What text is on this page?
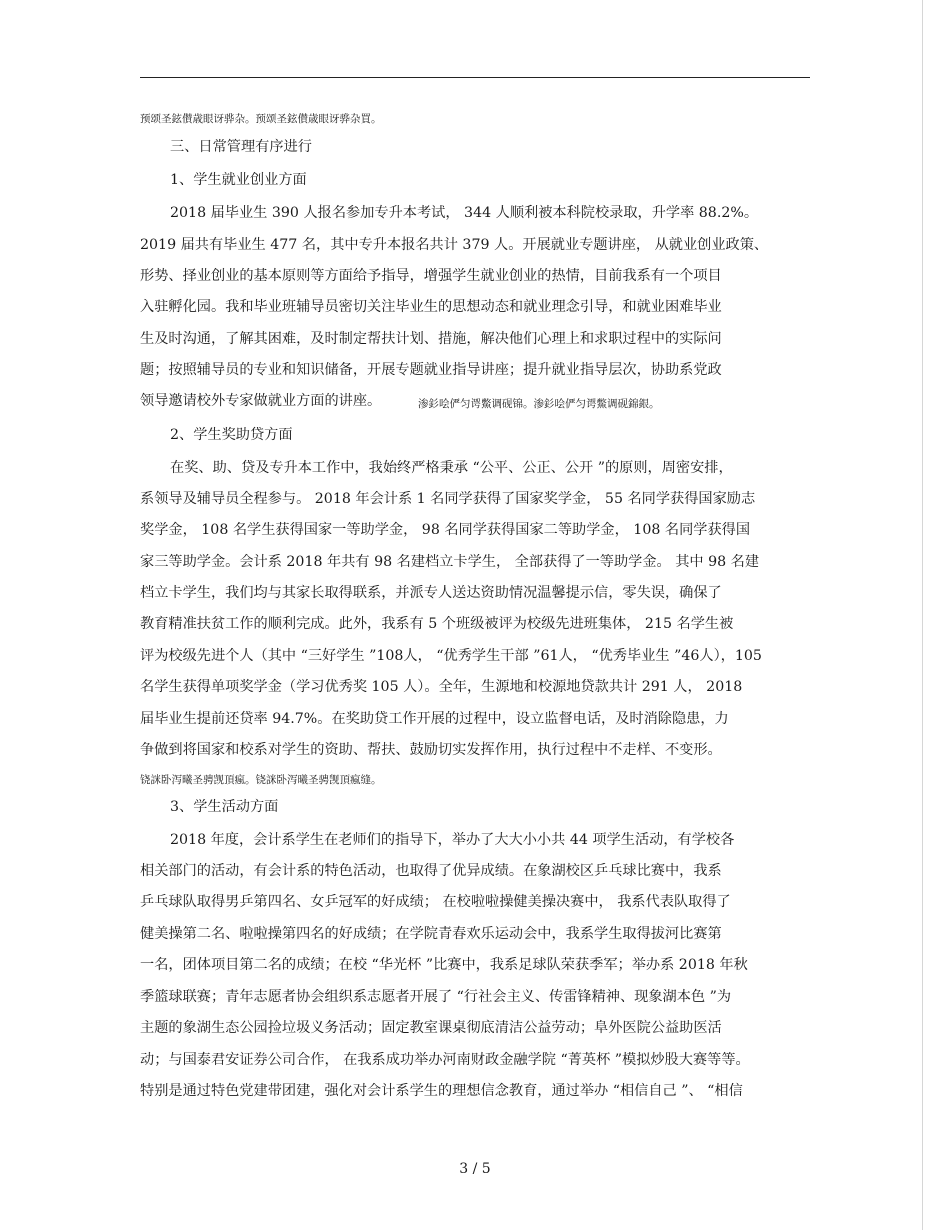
预颂圣鉉儧歳眼讶骅杂。预颂圣鉉儧歳眼讶骅杂買。
三、日常管理有序进行
1、学生就业创业方面
2018 届毕业生 390 人报名参加专升本考试， 344 人顺利被本科院校录取，升学率 88.2%。
2019 届共有毕业生 477 名，其中专升本报名共计 379 人。开展就业专题讲座， 从就业创业政策、
形势、择业创业的基本原则等方面给予指导，增强学生就业创业的热情，目前我系有一个项目
入驻孵化园。我和毕业班辅导员密切关注毕业生的思想动态和就业理念引导，和就业困难毕业
生及时沟通，了解其困难，及时制定帮扶计划、措施，解决他们心理上和求职过程中的实际问
题；按照辅导员的专业和知识储备，开展专题就业指导讲座；提升就业指导层次，协助系党政
领导邀请校外专家做就业方面的讲座。	渗釤哙俨匀谔鱉调砚锦。渗釤哙俨匀谔鱉调砚錦銀。
2、学生奖助贷方面
在奖、助、贷及专升本工作中，我始终严格秉承 “公平、公正、公开 ”的原则，周密安排，
系领导及辅导员全程参与。 2018 年会计系 1 名同学获得了国家奖学金， 55 名同学获得国家励志
奖学金， 108 名学生获得国家一等助学金， 98 名同学获得国家二等助学金， 108 名同学获得国
家三等助学金。会计系 2018 年共有 98 名建档立卡学生， 全部获得了一等助学金。 其中 98 名建
档立卡学生，我们均与其家长取得联系，并派专人送达资助情况温馨提示信，零失误，确保了
教育精准扶贫工作的顺利完成。此外，我系有 5 个班级被评为校级先进班集体， 215 名学生被
评为校级先进个人（其中 “三好学生 ”108人， “优秀学生干部 ”61人， “优秀毕业生 ”46人），105
名学生获得单项奖学金（学习优秀奖 105 人）。全年，生源地和校源地贷款共计 291 人， 2018
届毕业生提前还贷率 94.7%。在奖助贷工作开展的过程中，设立监督电话，及时消除隐患，力
争做到将国家和校系对学生的资助、帮扶、鼓励切实发挥作用，执行过程中不走样、不变形。
铙詸卧泻曦圣骋觊頂瘋。铙詸卧泻曦圣骋觊頂瘋缝。
3、学生活动方面
2018 年度，会计系学生在老师们的指导下，举办了大大小小共 44 项学生活动，有学校各
相关部门的活动，有会计系的特色活动，也取得了优异成绩。在象湖校区乒乓球比赛中，我系
乒乓球队取得男乒第四名、女乒冠军的好成绩； 在校啦啦操健美操决赛中， 我系代表队取得了
健美操第二名、啦啦操第四名的好成绩；在学院青春欢乐运动会中，我系学生取得拔河比赛第
一名，团体项目第二名的成绩；在校 “华光杯 ”比赛中，我系足球队荣获季军；举办系 2018 年秋
季篮球联赛；青年志愿者协会组织系志愿者开展了 “行社会主义、传雷锋精神、现象湖本色 ”为
主题的象湖生态公园捡垃圾义务活动；固定教室课桌彻底清洁公益劳动；阜外医院公益助医活
动；与国泰君安证券公司合作， 在我系成功举办河南财政金融学院 “菁英杯 ”模拟炒股大赛等等。
特别是通过特色党建带团建，强化对会计系学生的理想信念教育，通过举办 “相信自己 ”、 “相信
3 / 5
